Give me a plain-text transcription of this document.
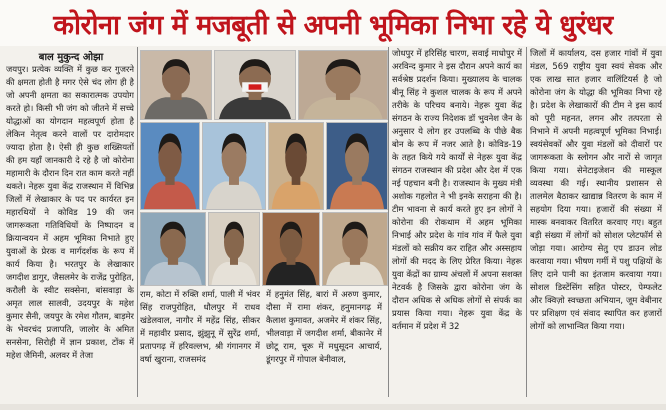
कोरोना जंग में मजबूती से अपनी भूमिका निभा रहे ये धुरंधर
बाल मुकुन्द ओझा

जयपुर। प्रत्येक व्यक्ति में कुछ कर गुजरने की क्षमता होती है मगर ऐसे चंद लोग ही है जो अपनी क्षमता का सकारात्मक उपयोग करते हो। किसी भी जंग को जीतने में सच्चे योद्धाओं का योगदान महत्वपूर्ण होता है लेकिन नेतृत्व करने वालों पर दारोमदार ज्यादा होता है। ऐसी ही कुछ शख्सियतों की हम यहाँ जानकारी दे रहे है जो कोरोना महामारी के दौरान दिन रात काम करते नहीं थकते। नेहरू युवा केंद्र राजस्थान में विभिन्न जिलों में लेखाकार के पद पर कार्यरत इन महारथियों ने कोविड 19 की जन जागरूकता गतिविधियों के निष्पादन व क्रियान्वयन में अहम भूमिका निभाते हुए युवाओं के प्रेरक व मार्गदर्शक के रूप में कार्य किया है। भरतपुर के लेखाकार जगदीश डागुर, जैसलमेर के राजेंद्र पुरोहित, करौली के स्वीट सक्सेना, बांसवाड़ा के अमृत लाल सालवी, उदयपुर के महेश कुमार सैनी, जयपुर के रमेश गौतम, बाड़मेर के भेवरचंद प्रजापति, जालोर के अमित सनसेना, सिरोही में ज्ञान प्रकाश, टोंक में महेश जैमिनी, अलवर में तेजा

राम, कोटा में रुक्ति शर्मा, पाली में भंवर सिंह राजपुरोहित, धौलपुर में राधव खंडेलवाल, नागौर में महेंद्र सिंह, सीकर में महावीर प्रसाद, झुंझुनू में सुरेंद्र शर्मा, प्रतापगढ़ में हरिवल्लभ, श्री गंगानगर में वर्षा खुराना, राजसमंद
में हनुमंत सिंह, बारां में अरुण कुमार, दौसा में रामा शंकर, हनुमानगढ़ में कैलाश कुमावत, अजमेर में शंकर सिंह, भीलवाड़ा में जगदीश शर्मा, बीकानेर में छोटू राम, चूरू में मधुसूदन आचार्य, डूंगरपुर में गोपाल बेनीवाल,
जोधपुर में हरिसिंह चारण, सवाई माधोपुर में अरविन्द कुमार ने इस दौरान अपने कार्य का सर्वश्रेष्ठ प्रदर्शन किया। मुख्यालय के चालक बीनू सिंह ने कुशल चालक के रूप में अपने तरीके के परिचय बनाये। नेहरू युवा केंद्र संगठन के राज्य निदेशक डॉ भुवनेश जैन के अनुसार ये लोग हर उपलब्धि के पीछे बैक बोन के रूप में नजर आते है। कोविड-19 के तहत किये गये कार्यों से नेहरू युवा केंद्र संगठन राजस्थान की प्रदेश और देश में एक नई पहचान बनी है। राजस्थान के मुख्य मंत्री अशोक गहलोत ने भी इनके सराहना की है। टीम भावना से कार्य करते हुए इन लोगों ने कोरोना की रोकथाम में अहम भूमिका निभाई और प्रदेश के गांव गांव में फैले युवा मंडलों को सक्रीय कर राहित और अस्सहाय लोगों की मदद के लिए प्रेरित किया। नेहरू युवा केंद्रों का ग्राम्य अंचलों में अपना सशक्त नेटवर्क है जिसके द्वारा कोरोना जंग के दौरान अधिक से अधिक लोगों से संपर्क का प्रयास किया गया। नेहरू युवा केंद्र के वर्तमान में प्रदेश में 32
जिलों में कार्यालय, दस हजार गांवों में युवा मंडल, 569 राष्ट्रीय युवा स्वयं सेवक और एक लाख सात हजार वालिंटियर्स है जो कोरोना जंग के योद्धा की भूमिका निभा रहे है। प्रदेश के लेखाकारों की टीम ने इस कार्य को पूरी महनत, लगन और तत्परता से निभाने में अपनी महत्वपूर्ण भूमिका निभाई। स्वयंसेवकों और युवा मंडलों को दीवारों पर जागरूकता के स्लोगन और नारों से जागृत किया गया। सेनेटाइजेशन की मास्कूल व्यवस्था की गई। स्थानीय प्रशासन से तालमेल बैठाकर खाद्यान्न वितरण के काम में सहयोग दिया गया। हजारों की संख्या में मास्क बनवाकर वितरित करवाए गए। बहुत बड़ी संख्या में लोगों को सोशल प्लेटफॉर्म से जोड़ा गया। आरोग्य सेतु एप डाउन लोड करवाया गया। भीषण गर्मी में पशु पक्षियों के लिए दाने पानी का इंतजाम करवाया गया। सोशल डिस्टेंसिंग सहित पोस्टर, पेम्फलेट और क्विज़ो स्वच्छता अभियान, जूम वेबीनार पर प्रशिक्षण एवं संवाद स्थापित कर हजारों लोगों को लाभान्वित किया गया।
